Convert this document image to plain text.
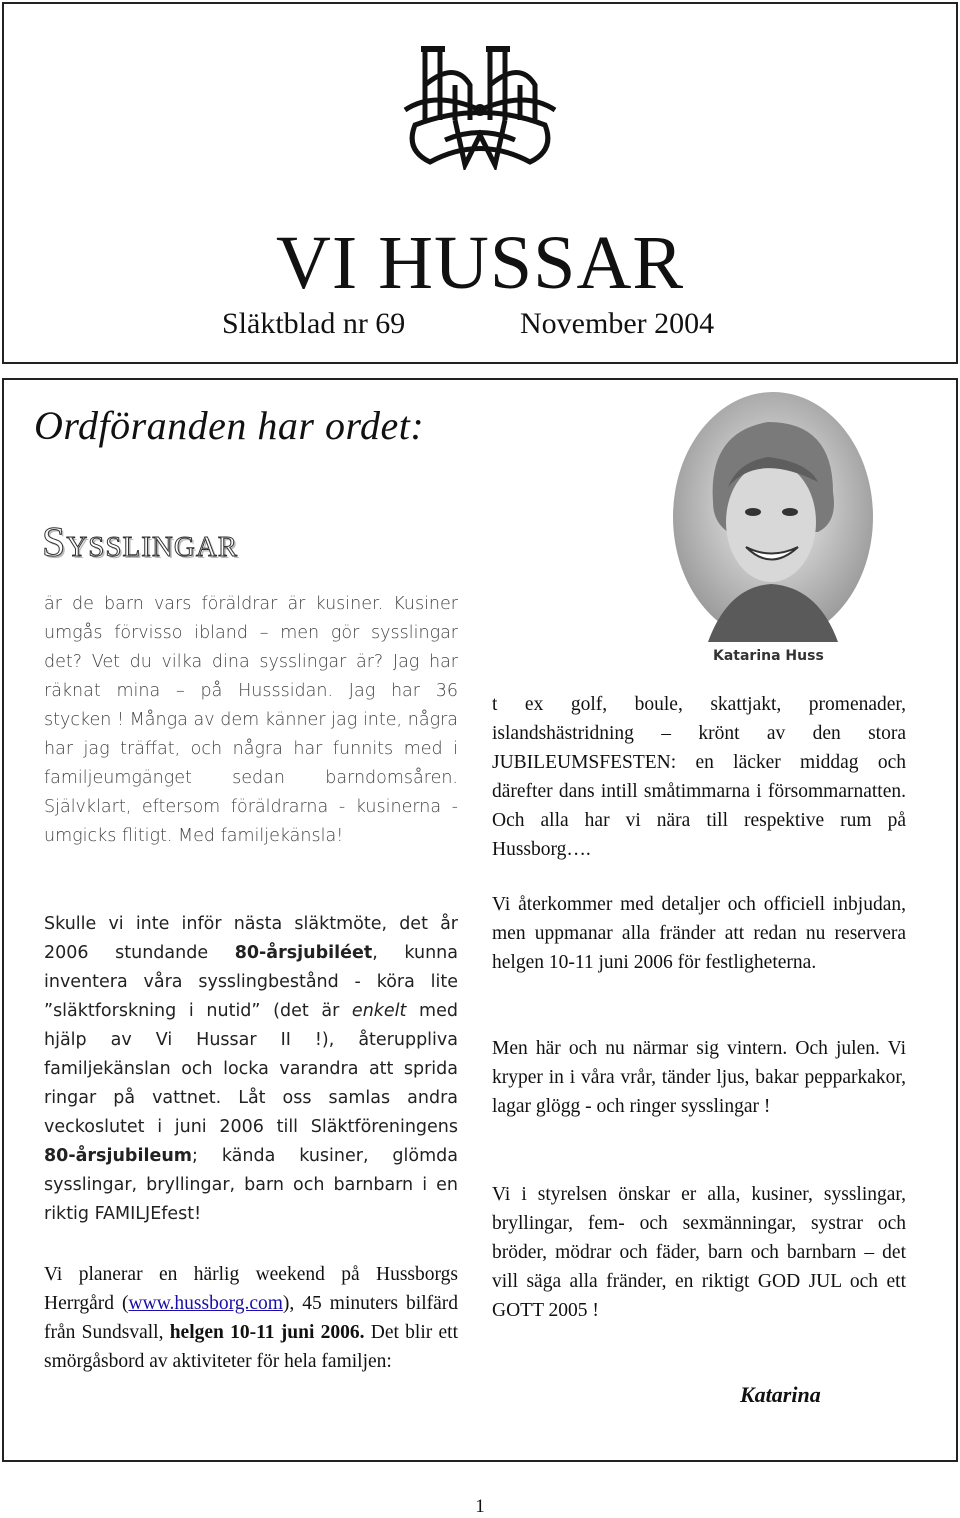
VI HUSSAR
Släktblad nr 69	November 2004
Ordföranden har ordet:
Sysslingar

är de barn vars föräldrar är kusiner. Kusiner umgås förvisso ibland – men gör sysslingar det? Vet du vilka dina sysslingar är? Jag har räknat mina – på Husssidan. Jag har 36 stycken ! Många av dem känner jag inte, några har jag träffat, och några har funnits med i familjeumgänget sedan barndomsåren. Självklart, eftersom föräldrarna - kusinerna - umgicks flitigt. Med familjekänsla!

Skulle vi inte inför nästa släktmöte, det år 2006 stundande 80-årsjubiléet, kunna inventera våra sysslingbestånd - köra lite ”släktforskning i nutid” (det är enkelt med hjälp av Vi Hussar II !), återuppliva familjekänslan och locka varandra att sprida ringar på vattnet. Låt oss samlas andra veckoslutet i juni 2006 till Släktföreningens 80-årsjubileum; kända kusiner, glömda sysslingar, bryllingar, barn och barnbarn i en riktig FAMILJEfest!

Vi planerar en härlig weekend på Hussborgs Herrgård (www.hussborg.com), 45 minuters bilfärd från Sundsvall, helgen 10-11 juni 2006. Det blir ett smörgåsbord av aktiviteter för hela familjen:

Katarina Huss

t ex golf, boule, skattjakt, promenader, islandshästridning – krönt av den stora JUBILEUMSFESTEN: en läcker middag och därefter dans intill småtimmarna i försommarnatten. Och alla har vi nära till respektive rum på Hussborg….

Vi återkommer med detaljer och officiell inbjudan, men uppmanar alla fränder att redan nu reservera helgen 10-11 juni 2006 för festligheterna.

Men här och nu närmar sig vintern. Och julen. Vi kryper in i våra vrår, tänder ljus, bakar pepparkakor, lagar glögg - och ringer sysslingar !

Vi i styrelsen önskar er alla, kusiner, sysslingar, bryllingar, fem- och sexmänningar, systrar och bröder, mödrar och fäder, barn och barnbarn – det vill säga alla fränder, en riktigt GOD JUL och ett GOTT 2005 !

Katarina
1
